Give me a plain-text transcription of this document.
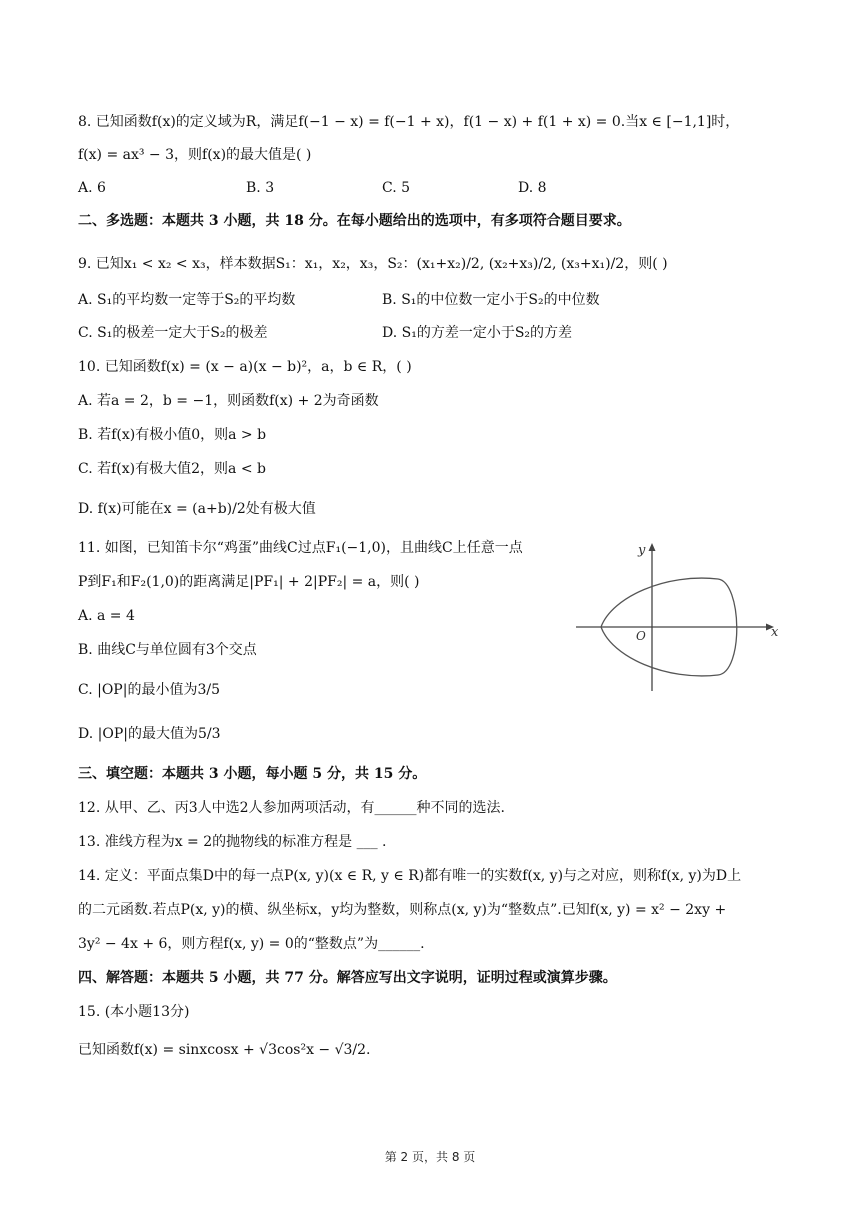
8. 已知函数f(x)的定义域为R，满足f(−1 − x) = f(−1 + x)，f(1 − x) + f(1 + x) = 0.当x ∈ [−1,1]时，
f(x) = ax³ − 3，则f(x)的最大值是( )
A. 6	B. 3	C. 5	D. 8
二、多选题：本题共 3 小题，共 18 分。在每小题给出的选项中，有多项符合题目要求。
9. 已知x₁ < x₂ < x₃，样本数据S₁：x₁，x₂，x₃，S₂：(x₁+x₂)/2, (x₂+x₃)/2, (x₃+x₁)/2，则( )
A. S₁的平均数一定等于S₂的平均数	B. S₁的中位数一定小于S₂的中位数
C. S₁的极差一定大于S₂的极差	D. S₁的方差一定小于S₂的方差
10. 已知函数f(x) = (x − a)(x − b)²，a，b ∈ R，( )
A. 若a = 2，b = −1，则函数f(x) + 2为奇函数
B. 若f(x)有极小值0，则a > b
C. 若f(x)有极大值2，则a < b
D. f(x)可能在x = (a+b)/2处有极大值
11. 如图，已知笛卡尔“鸡蛋”曲线C过点F₁(−1,0)，且曲线C上任意一点
P到F₁和F₂(1,0)的距离满足|PF₁| + 2|PF₂| = a，则( )
A. a = 4
B. 曲线C与单位圆有3个交点
C. |OP|的最小值为3/5
D. |OP|的最大值为5/3
x
y
O
三、填空题：本题共 3 小题，每小题 5 分，共 15 分。
12. 从甲、乙、丙3人中选2人参加两项活动，有______种不同的选法.
13. 准线方程为x = 2的抛物线的标准方程是 ___ .
14. 定义：平面点集D中的每一点P(x, y)(x ∈ R, y ∈ R)都有唯一的实数f(x, y)与之对应，则称f(x, y)为D上
的二元函数.若点P(x, y)的横、纵坐标x，y均为整数，则称点(x, y)为“整数点”.已知f(x, y) = x² − 2xy +
3y² − 4x + 6，则方程f(x, y) = 0的“整数点”为______.
四、解答题：本题共 5 小题，共 77 分。解答应写出文字说明，证明过程或演算步骤。
15. (本小题13分)
已知函数f(x) = sinxcosx + √3cos²x − √3/2.
第 2 页，共 8 页
